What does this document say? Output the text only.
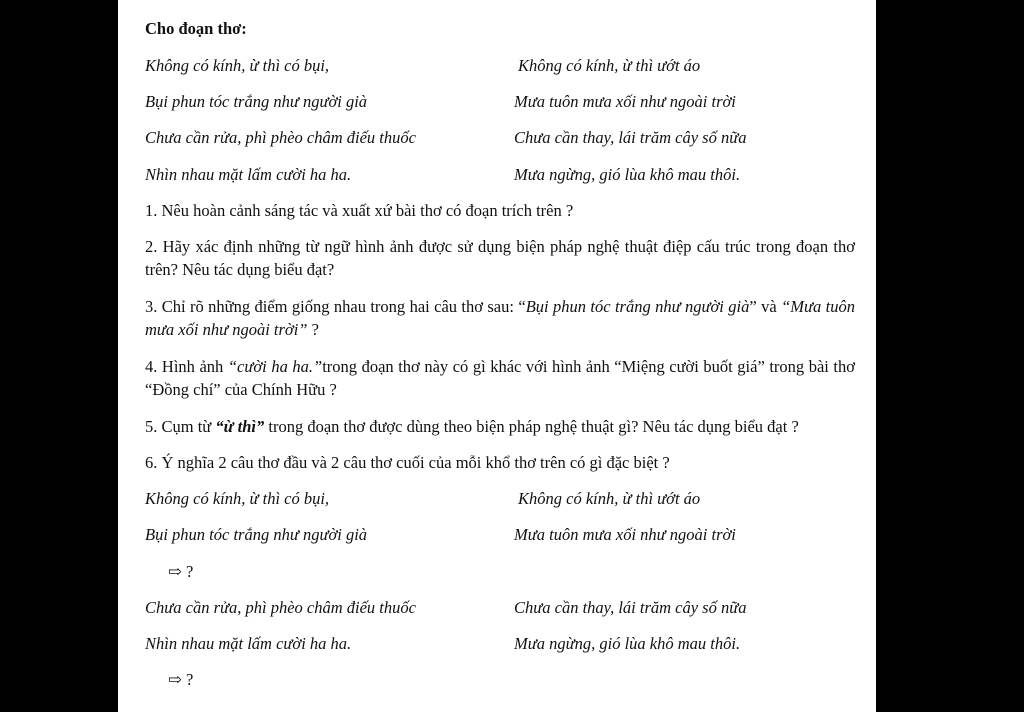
Cho đoạn thơ:
Không có kính, ừ thì có bụi,	Không có kính, ừ thì ướt áo
Bụi phun tóc trắng như người già	Mưa tuôn mưa xối như ngoài trời
Chưa cần rửa, phì phèo châm điếu thuốc	Chưa cần thay, lái trăm cây số nữa
Nhìn nhau mặt lấm cười ha ha.	Mưa ngừng, gió lùa khô mau thôi.
1. Nêu hoàn cảnh sáng tác và xuất xứ bài thơ có đoạn trích trên ?
2. Hãy xác định những từ ngữ hình ảnh được sử dụng biện pháp nghệ thuật điệp cấu trúc trong đoạn thơ trên? Nêu tác dụng biểu đạt?
3. Chỉ rõ những điểm giống nhau trong hai câu thơ sau: “Bụi phun tóc trắng như người già” và “Mưa tuôn mưa xối như ngoài trời” ?
4. Hình ảnh “cười ha ha.”trong đoạn thơ này có gì khác với hình ảnh “Miệng cười buốt giá” trong bài thơ “Đồng chí” của Chính Hữu ?
5. Cụm từ “ừ thì” trong đoạn thơ được dùng theo biện pháp nghệ thuật gì? Nêu tác dụng biểu đạt ?
6. Ý nghĩa 2 câu thơ đầu và 2 câu thơ cuối của mỗi khổ thơ trên có gì đặc biệt ?
Không có kính, ừ thì có bụi,	Không có kính, ừ thì ướt áo
Bụi phun tóc trắng như người già	Mưa tuôn mưa xối như ngoài trời
⇨ ?
Chưa cần rửa, phì phèo châm điếu thuốc	Chưa cần thay, lái trăm cây số nữa
Nhìn nhau mặt lấm cười ha ha.	Mưa ngừng, gió lùa khô mau thôi.
⇨ ?
